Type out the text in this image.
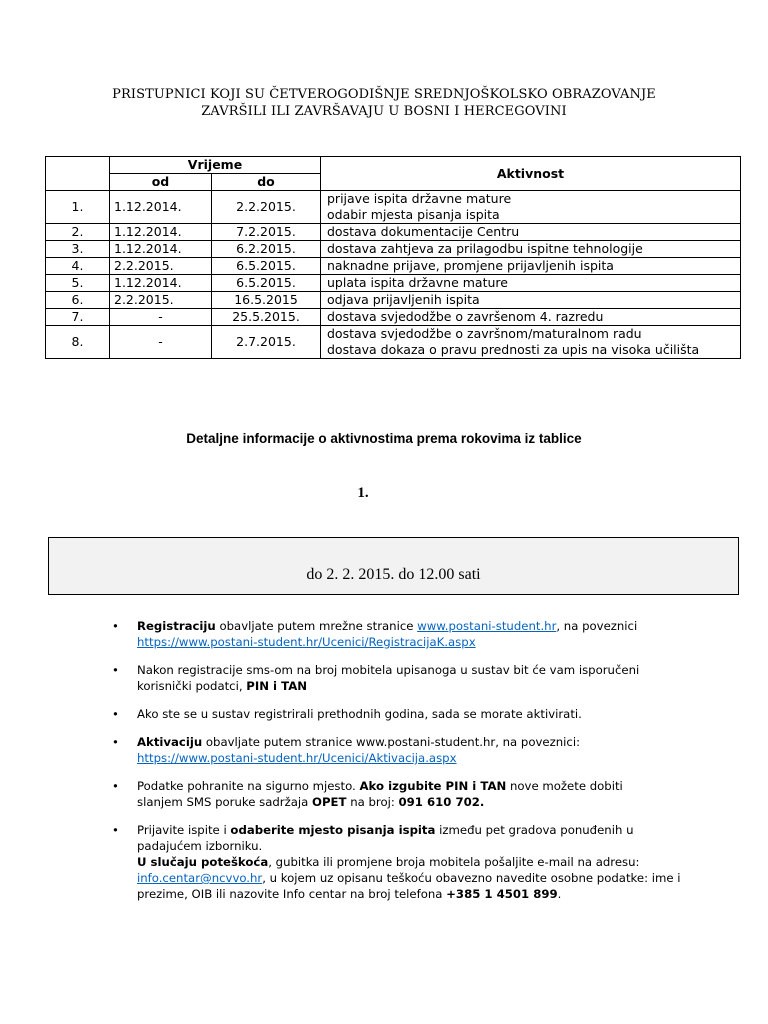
PRISTUPNICI KOJI SU ČETVEROGODIŠNJE SREDNJOŠKOLSKO OBRAZOVANJE
ZAVRŠILI ILI ZAVRŠAVAJU U BOSNI I HERCEGOVINI
	Vrijeme		Aktivnost
	od	do	
1.	1.12.2014.	2.2.2015.	prijave ispita državne mature
odabir mjesta pisanja ispita

2.	1.12.2014.	7.2.2015.	dostava dokumentacije Centru
3.	1.12.2014.	6.2.2015.	dostava zahtjeva za prilagodbu ispitne tehnologije
4.	2.2.2015.	6.5.2015.	naknadne prijave, promjene prijavljenih ispita
5.	1.12.2014.	6.5.2015.	uplata ispita državne mature
6.	2.2.2015.	16.5.2015	odjava prijavljenih ispita
7.	-	25.5.2015.	dostava svjedodžbe o završenom 4. razredu
8.	-	2.7.2015.	dostava svjedodžbe o završnom/maturalnom radu
dostava dokaza o pravu prednosti za upis na visoka učilišta
Detaljne informacije o aktivnostima prema rokovima iz tablice
1.
do 2. 2. 2015. do 12.00 sati
• Registraciju obavljate putem mrežne stranice www.postani-student.hr, na poveznici
https://www.postani-student.hr/Ucenici/RegistracijaK.aspx
• Nakon registracije sms-om na broj mobitela upisanoga u sustav bit će vam isporučeni korisnički podatci, PIN i TAN
• Ako ste se u sustav registrirali prethodnih godina, sada se morate aktivirati.
• Aktivaciju obavljate putem stranice www.postani-student.hr, na poveznici:
https://www.postani-student.hr/Ucenici/Aktivacija.aspx
• Podatke pohranite na sigurno mjesto. Ako izgubite PIN i TAN nove možete dobiti slanjem SMS poruke sadržaja OPET na broj: 091 610 702.
• Prijavite ispite i odaberite mjesto pisanja ispita između pet gradova ponuđenih u padajućem izborniku.
U slučaju poteškoća, gubitka ili promjene broja mobitela pošaljite e-mail na adresu: info.centar@ncvvo.hr, u kojem uz opisanu teškoću obavezno navedite osobne podatke: ime i prezime, OIB ili nazovite Info centar na broj telefona +385 1 4501 899.
